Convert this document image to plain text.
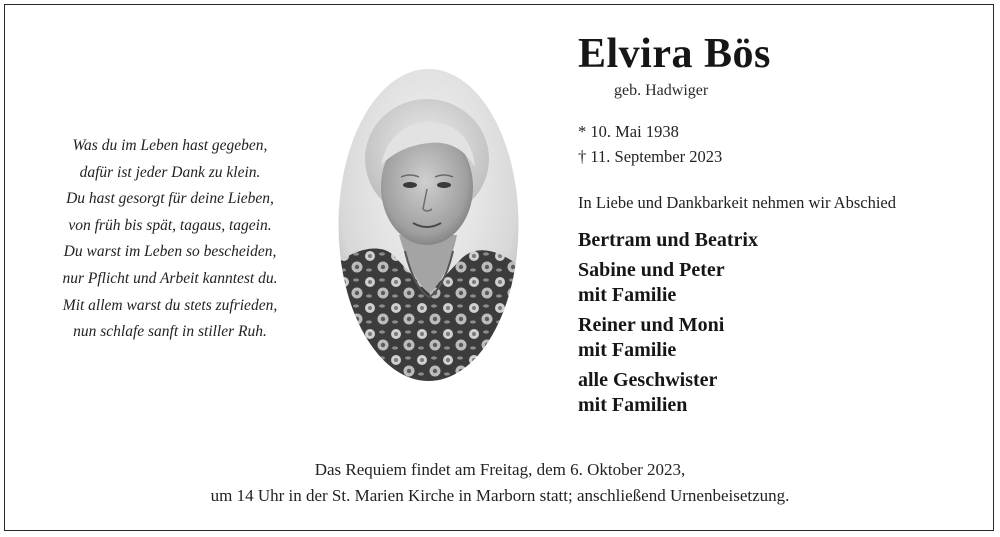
Was du im Leben hast gegeben,
dafür ist jeder Dank zu klein.
Du hast gesorgt für deine Lieben,
von früh bis spät, tagaus, tagein.
Du warst im Leben so bescheiden,
nur Pflicht und Arbeit kanntest du.
Mit allem warst du stets zufrieden,
nun schlafe sanft in stiller Ruh.
Elvira Bös
geb. Hadwiger
* 10. Mai 1938
† 11. September 2023
In Liebe und Dankbarkeit nehmen wir Abschied
Bertram und Beatrix
Sabine und Peter
mit Familie
Reiner und Moni
mit Familie
alle Geschwister
mit Familien
Das Requiem findet am Freitag, dem 6. Oktober 2023,
um 14 Uhr in der St. Marien Kirche in Marborn statt; anschließend Urnenbeisetzung.
